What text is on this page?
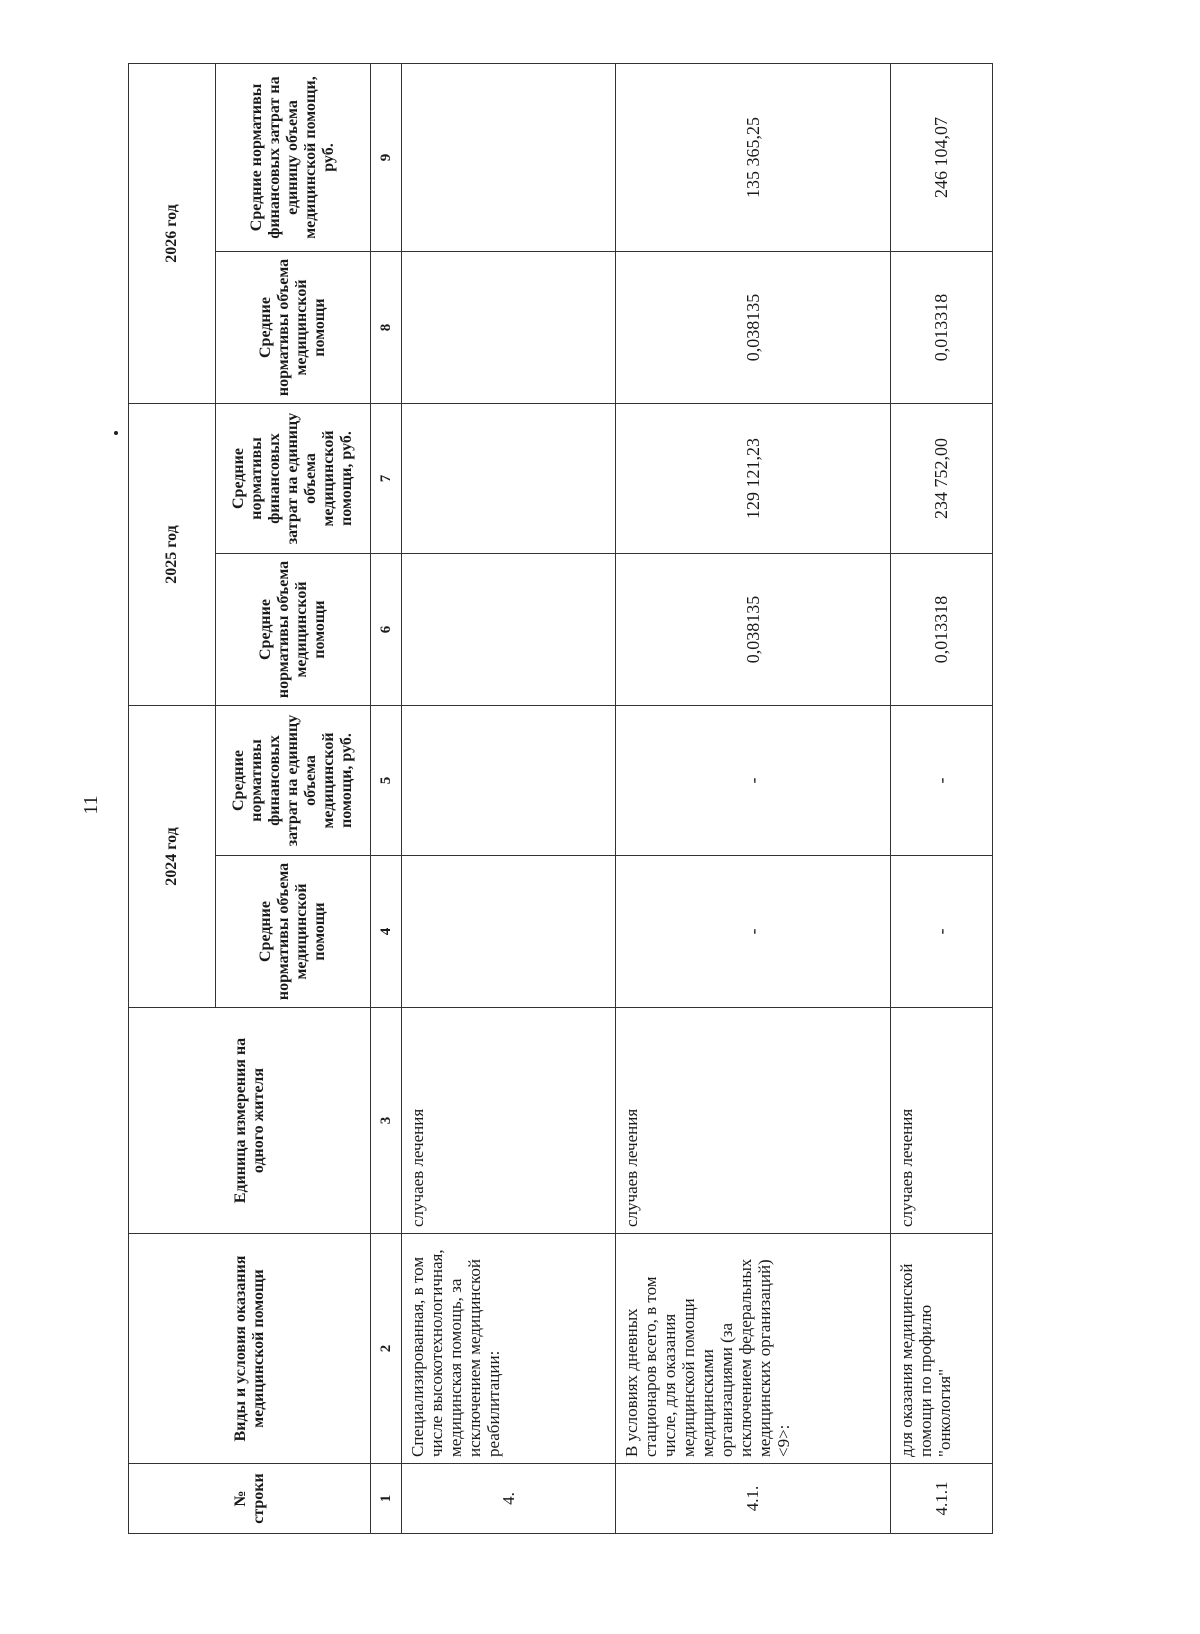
11
№ строки	Виды и условия оказания медицинской помощи	Единица измерения на одного жителя	2024 год		2025 год		2026 год	
			Средние нормативы объема медицинской помощи	Средние нормативы финансовых затрат на единицу объема медицинской помощи, руб.	Средние нормативы объема медицинской помощи	Средние нормативы финансовых затрат на единицу объема медицинской помощи, руб.	Средние нормативы объема медицинской помощи	Средние нормативы финансовых затрат на единицу объема медицинской помощи, руб.
1	2	3	4	5	6	7	8	9
4.	Специализированная, в том числе высокотехнологичная, медицинская помощь, за исключением медицинской реабилитации:	случаев лечения						
4.1.	В условиях дневных стационаров всего, в том числе, для оказания медицинской помощи медицинскими организациями (за исключением федеральных медицинских организаций) <9>:	случаев лечения	-	-	0,038135	129 121,23	0,038135	135 365,25
4.1.1	для оказания медицинской помощи по профилю "онкология"	случаев лечения	-	-	0,013318	234 752,00	0,013318	246 104,07
